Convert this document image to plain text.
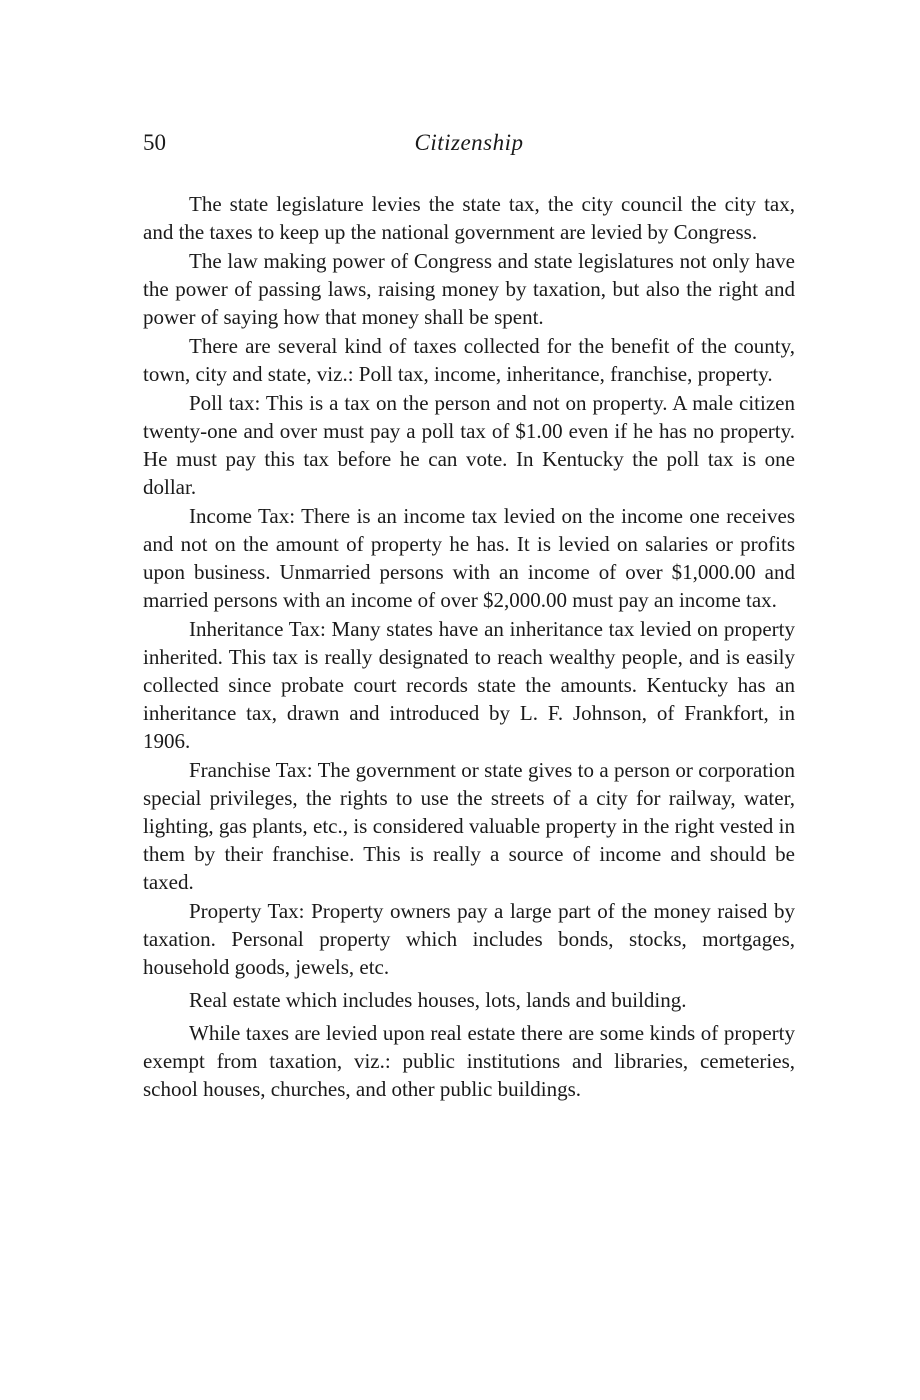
50	Citizenship

The state legislature levies the state tax, the city council the city tax, and the taxes to keep up the national government are levied by Congress.

The law making power of Congress and state legislatures not only have the power of passing laws, raising money by taxation, but also the right and power of saying how that money shall be spent.

There are several kind of taxes collected for the benefit of the county, town, city and state, viz.: Poll tax, income, inheritance, franchise, property.

Poll tax: This is a tax on the person and not on property. A male citizen twenty-one and over must pay a poll tax of $1.00 even if he has no property. He must pay this tax before he can vote. In Kentucky the poll tax is one dollar.

Income Tax: There is an income tax levied on the income one receives and not on the amount of property he has. It is levied on salaries or profits upon business. Unmarried persons with an income of over $1,000.00 and married persons with an income of over $2,000.00 must pay an income tax.

Inheritance Tax: Many states have an inheritance tax levied on property inherited. This tax is really designated to reach wealthy people, and is easily collected since probate court records state the amounts. Kentucky has an inheritance tax, drawn and introduced by L. F. Johnson, of Frankfort, in 1906.

Franchise Tax: The government or state gives to a person or corporation special privileges, the rights to use the streets of a city for railway, water, lighting, gas plants, etc., is considered valuable property in the right vested in them by their franchise. This is really a source of income and should be taxed.

Property Tax: Property owners pay a large part of the money raised by taxation. Personal property which includes bonds, stocks, mortgages, household goods, jewels, etc.

Real estate which includes houses, lots, lands and building.

While taxes are levied upon real estate there are some kinds of property exempt from taxation, viz.: public institutions and libraries, cemeteries, school houses, churches, and other public buildings.
